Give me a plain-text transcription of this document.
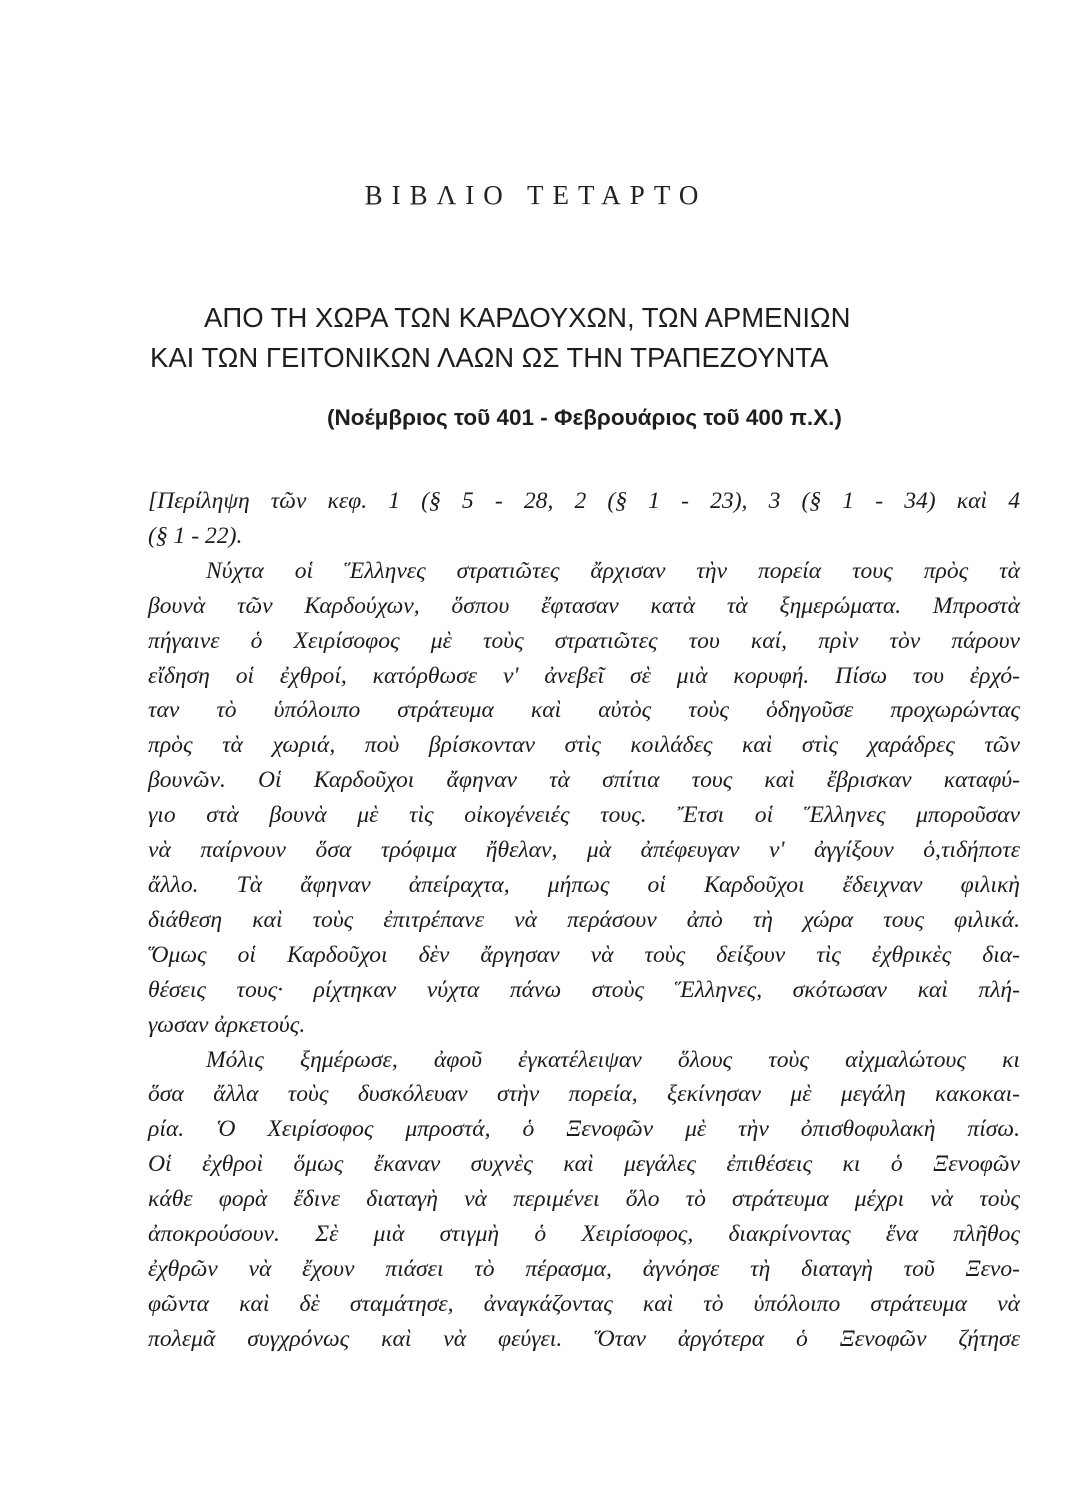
ΒΙΒΛΙΟ ΤΕΤΑΡΤΟ
ΑΠΟ ΤΗ ΧΩΡΑ ΤΩΝ ΚΑΡΔΟΥΧΩΝ, ΤΩΝ ΑΡΜΕΝΙΩΝ
ΚΑΙ ΤΩΝ ΓΕΙΤΟΝΙΚΩΝ ΛΑΩΝ ΩΣ ΤΗΝ ΤΡΑΠΕΖΟΥΝΤΑ

(Νοέμβριος τοῦ 401 - Φεβρουάριος τοῦ 400 π.Χ.)

[Περίληψη τῶν κεφ. 1 (§ 5 - 28, 2 (§ 1 - 23), 3 (§ 1 - 34) καὶ 4
(§ 1 - 22).
Νύχτα οἱ Ἕλληνες στρατιῶτες ἄρχισαν τὴν πορεία τους πρὸς τὰ
βουνὰ τῶν Καρδούχων, ὅσπου ἔφτασαν κατὰ τὰ ξημερώματα. Μπροστὰ
πήγαινε ὁ Χειρίσοφος μὲ τοὺς στρατιῶτες του καί, πρὶν τὸν πάρουν
εἴδηση οἱ ἐχθροί, κατόρθωσε ν' ἀνεβεῖ σὲ μιὰ κορυφή. Πίσω του ἐρχό-
ταν τὸ ὑπόλοιπο στράτευμα καὶ αὐτὸς τοὺς ὁδηγοῦσε προχωρώντας
πρὸς τὰ χωριά, ποὺ βρίσκονταν στὶς κοιλάδες καὶ στὶς χαράδρες τῶν
βουνῶν. Οἱ Καρδοῦχοι ἄφηναν τὰ σπίτια τους καὶ ἔβρισκαν καταφύ-
γιο στὰ βουνὰ μὲ τὶς οἰκογένειές τους. Ἔτσι οἱ Ἕλληνες μποροῦσαν
νὰ παίρνουν ὅσα τρόφιμα ἤθελαν, μὰ ἀπέφευγαν ν' ἀγγίξουν ὁ,τιδήποτε
ἄλλο. Τὰ ἄφηναν ἀπείραχτα, μήπως οἱ Καρδοῦχοι ἔδειχναν φιλικὴ
διάθεση καὶ τοὺς ἐπιτρέπανε νὰ περάσουν ἀπὸ τὴ χώρα τους φιλικά.
Ὅμως οἱ Καρδοῦχοι δὲν ἄργησαν νὰ τοὺς δείξουν τὶς ἐχθρικὲς δια-
θέσεις τους· ρίχτηκαν νύχτα πάνω στοὺς Ἕλληνες, σκότωσαν καὶ πλή-
γωσαν ἀρκετούς.
Μόλις ξημέρωσε, ἀφοῦ ἐγκατέλειψαν ὅλους τοὺς αἰχμαλώτους κι
ὅσα ἄλλα τοὺς δυσκόλευαν στὴν πορεία, ξεκίνησαν μὲ μεγάλη κακοκαι-
ρία. Ὁ Χειρίσοφος μπροστά, ὁ Ξενοφῶν μὲ τὴν ὀπισθοφυλακὴ πίσω.
Οἱ ἐχθροὶ ὅμως ἔκαναν συχνὲς καὶ μεγάλες ἐπιθέσεις κι ὁ Ξενοφῶν
κάθε φορὰ ἔδινε διαταγὴ νὰ περιμένει ὅλο τὸ στράτευμα μέχρι νὰ τοὺς
ἀποκρούσουν. Σὲ μιὰ στιγμὴ ὁ Χειρίσοφος, διακρίνοντας ἕνα πλῆθος
ἐχθρῶν νὰ ἔχουν πιάσει τὸ πέρασμα, ἀγνόησε τὴ διαταγὴ τοῦ Ξενο-
φῶντα καὶ δὲ σταμάτησε, ἀναγκάζοντας καὶ τὸ ὑπόλοιπο στράτευμα νὰ
πολεμᾶ συγχρόνως καὶ νὰ φεύγει. Ὅταν ἀργότερα ὁ Ξενοφῶν ζήτησε
